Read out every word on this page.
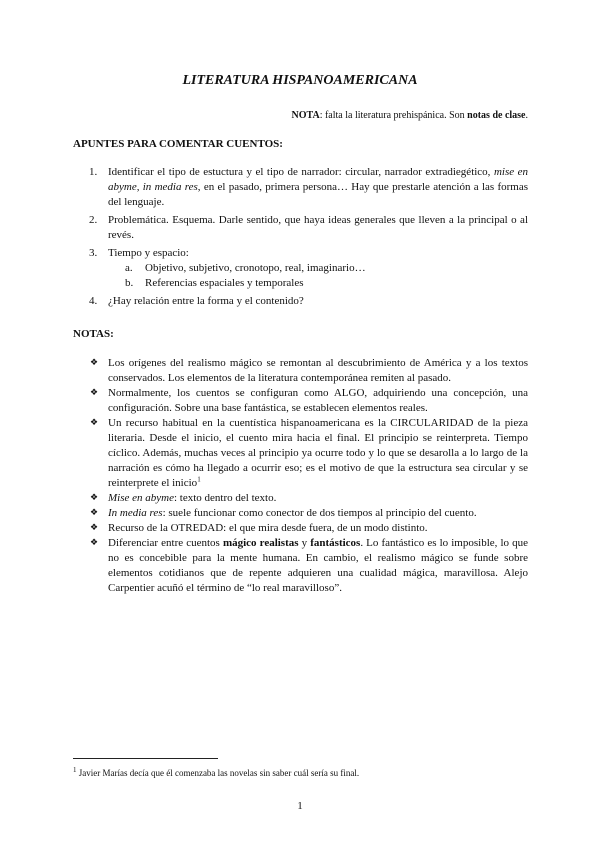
LITERATURA HISPANOAMERICANA
NOTA: falta la literatura prehispánica. Son notas de clase.
APUNTES PARA COMENTAR CUENTOS:
1. Identificar el tipo de estuctura y el tipo de narrador: circular, narrador extradiegético, mise en abyme, in media res, en el pasado, primera persona… Hay que prestarle atención a las formas del lenguaje.
2. Problemática. Esquema. Darle sentido, que haya ideas generales que lleven a la principal o al revés.
3. Tiempo y espacio:
a. Objetivo, subjetivo, cronotopo, real, imaginario…
b. Referencias espaciales y temporales
4. ¿Hay relación entre la forma y el contenido?
NOTAS:
❖ Los orígenes del realismo mágico se remontan al descubrimiento de América y a los textos conservados. Los elementos de la literatura contemporánea remiten al pasado.
❖ Normalmente, los cuentos se configuran como ALGO, adquiriendo una concepción, una configuración. Sobre una base fantástica, se establecen elementos reales.
❖ Un recurso habitual en la cuentística hispanoamericana es la CIRCULARIDAD de la pieza literaria. Desde el inicio, el cuento mira hacia el final. El principio se reinterpreta. Tiempo cíclico. Además, muchas veces al principio ya ocurre todo y lo que se desarolla a lo largo de la narración es cómo ha llegado a ocurrir eso; es el motivo de que la estructura sea circular y se reinterprete el inicio$^1$
❖ Mise en abyme: texto dentro del texto.
❖ In media res: suele funcionar como conector de dos tiempos al principio del cuento.
❖ Recurso de la OTREDAD: el que mira desde fuera, de un modo distinto.
❖ Diferenciar entre cuentos mágico realistas y fantásticos. Lo fantástico es lo imposible, lo que no es concebible para la mente humana. En cambio, el realismo mágico se funde sobre elementos cotidianos que de repente adquieren una cualidad mágica, maravillosa. Alejo Carpentier acuñó el término de “lo real maravilloso”.
$^1$ Javier Marías decía que él comenzaba las novelas sin saber cuál sería su final.
1
